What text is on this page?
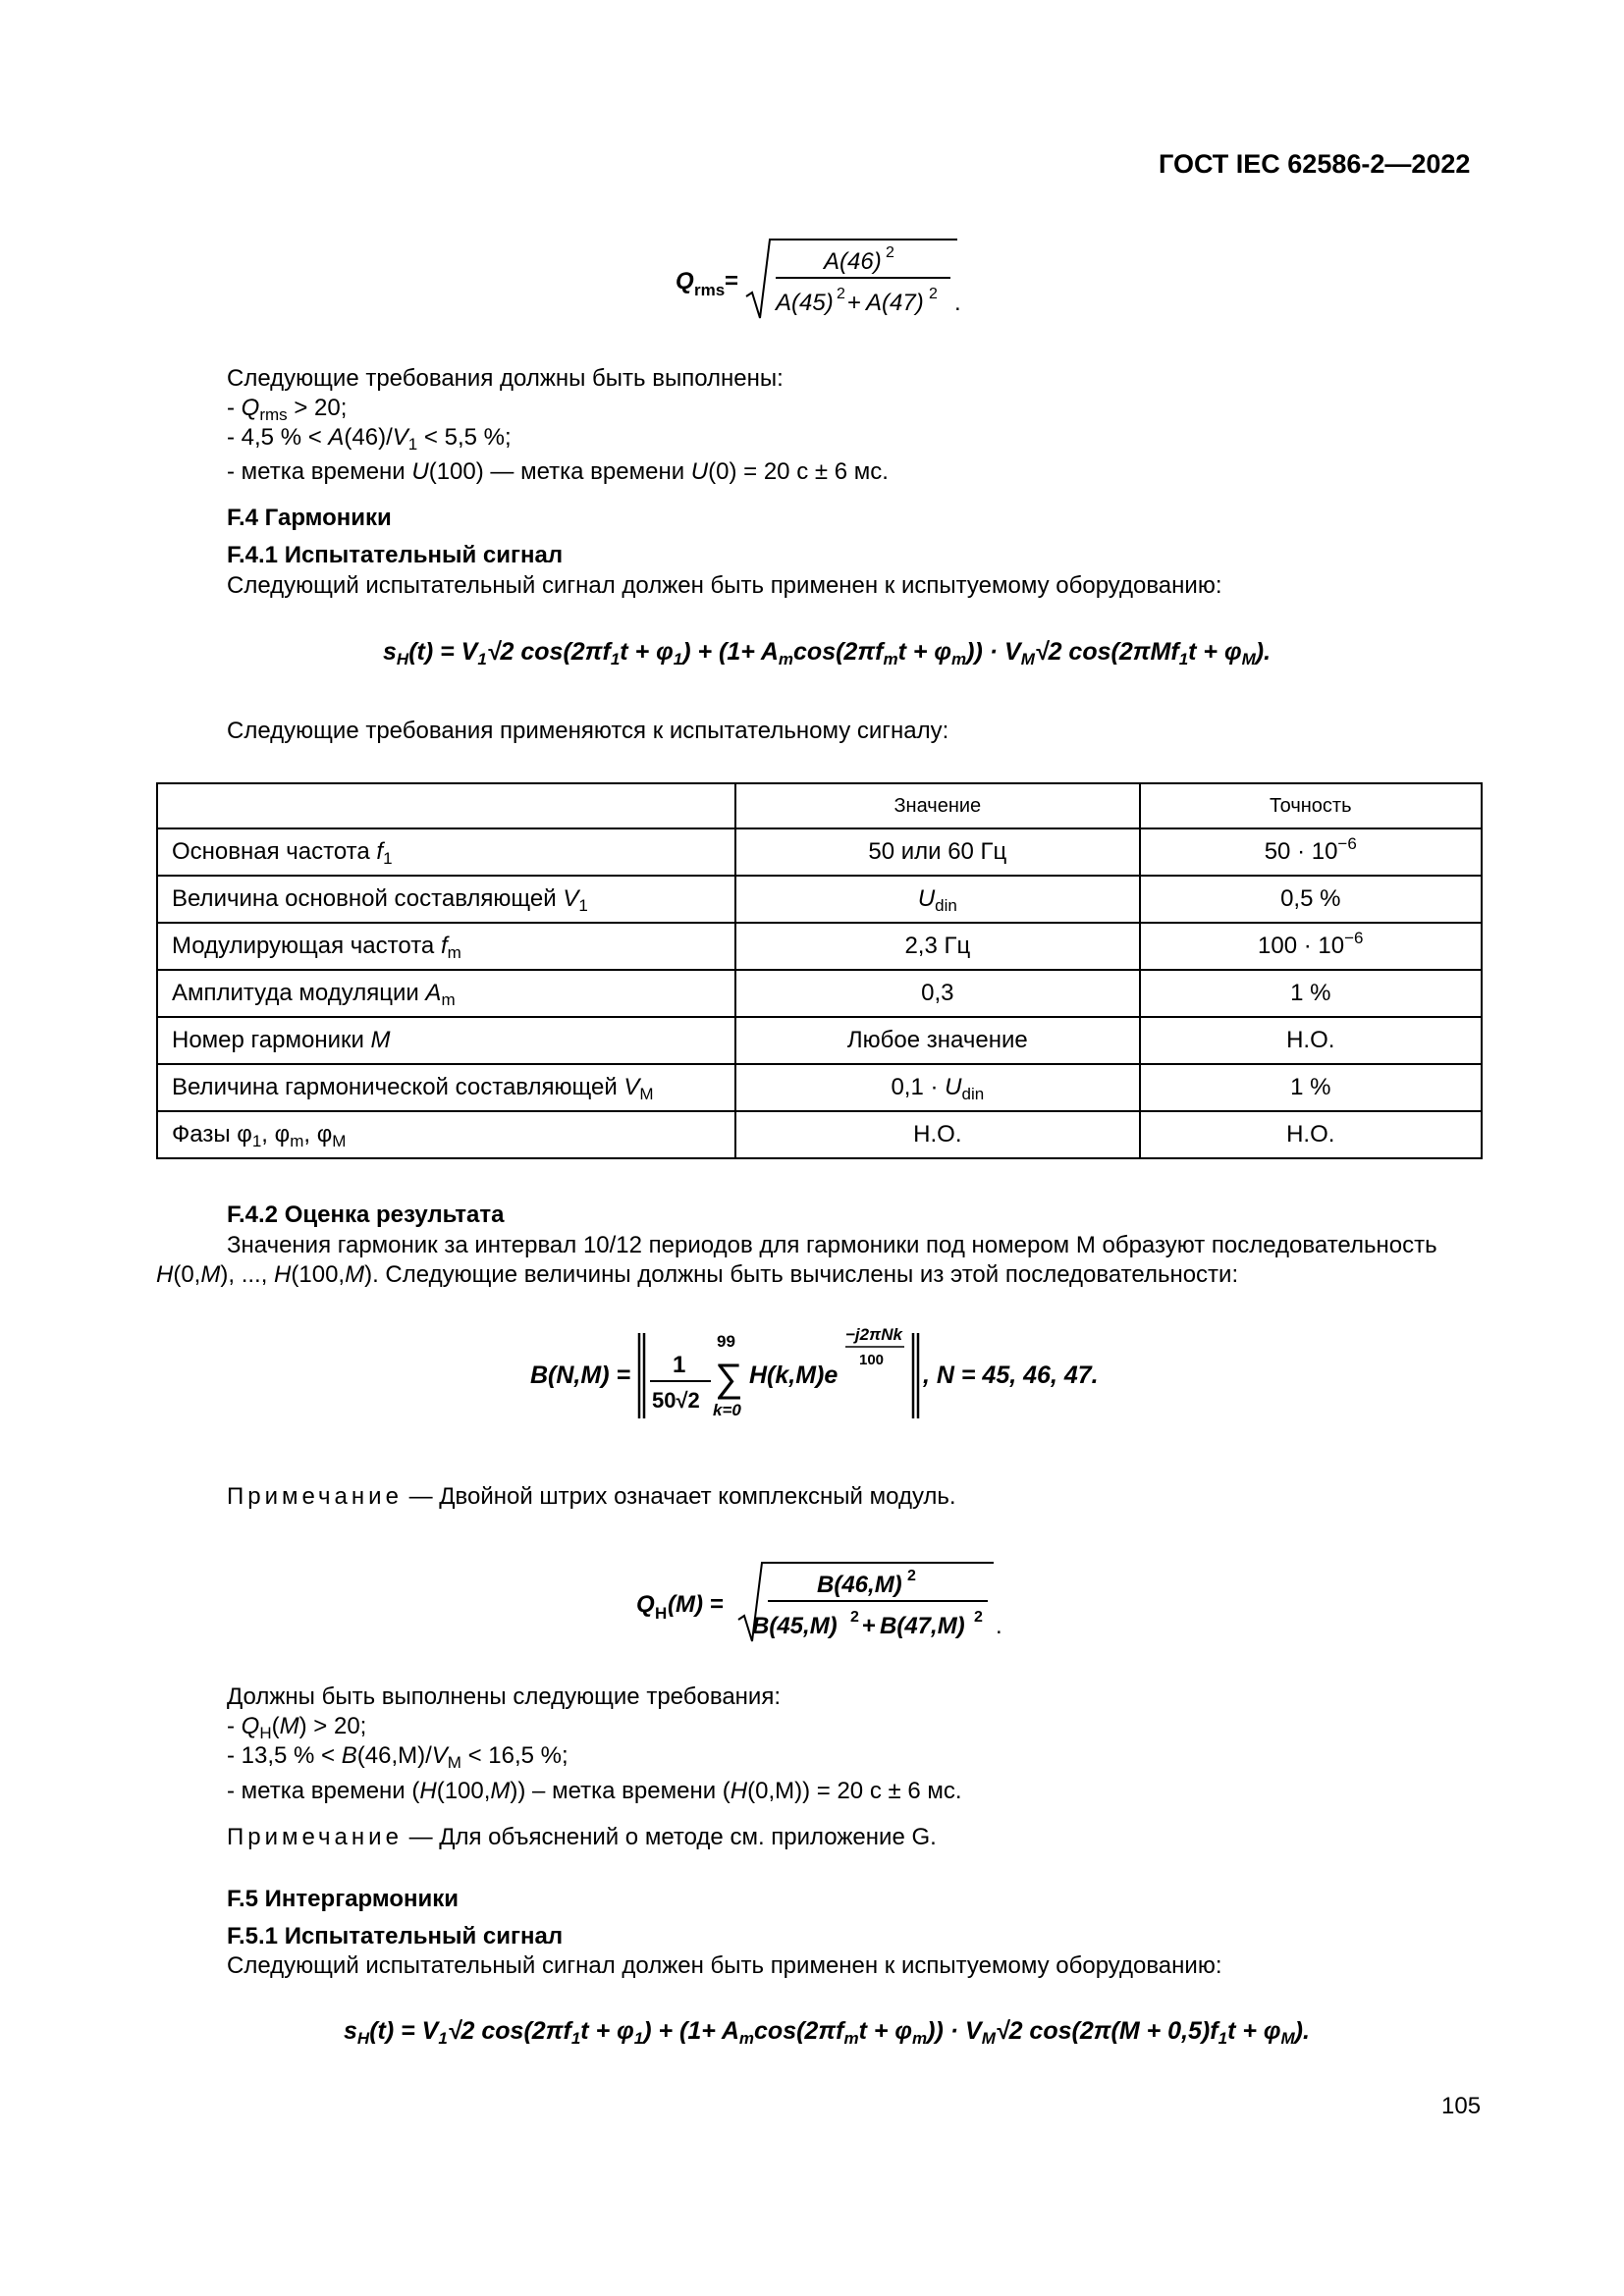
ГОСТ IEC 62586-2—2022
Q rms =
A(46) 2
A(45) 2 + A(47) 2 .
Следующие требования должны быть выполнены:
- $Q_{rms} > 20$;
- 4,5 % < $A(46)/V_1 < 5,5$ %;
- метка времени U(100) — метка времени U(0) = 20 с ± 6 мс.
F.4 Гармоники
F.4.1 Испытательный сигнал
Следующий испытательный сигнал должен быть применен к испытуемому оборудованию:
$s_H(t) = V_1√2$ $\cos(2\pi f_1t + \varphi_1) + (1+ A_m\cos(2\pi f_mt + \varphi_m)) \cdot V_M√2$ $\cos(2\pi Mf_1t + \varphi_M)$.
Следующие требования применяются к испытательному сигналу:
	Значение	Точность
Основная частота $f_1$	50 или 60 Гц	$50 \cdot 10^{-6}$
Величина основной составляющей $V_1$	$U_{din}$	0,5 %
Модулирующая частота $f_m$	2,3 Гц	$100 \cdot 10^{-6}$
Амплитуда модуляции $A_m$	0,3	1 %
Номер гармоники M	Любое значение	Н.О.
Величина гармонической составляющей $V_M$	$0,1 \cdot U_{din}$	1 %
Фазы $\varphi_1$, $\varphi_m$, $\varphi_M$	Н.О.	Н.О.
F.4.2 Оценка результата
Значения гармоник за интервал 10/12 периодов для гармоники под номером M образуют последовательность
H(0,M), ..., H(100,M). Следующие величины должны быть вычислены из этой последовательности:
B(N,M) = 1
50√2
99
∑
k=0
H(k,M)e
−j2πNk
100
, N = 45, 46, 47.
Примечание — Двойной штрих означает комплексный модуль.
Q H (M) =
B(46,M) 2
B(45,M) 2 + B(47,M) 2 .
Должны быть выполнены следующие требования:
- $Q_H(M) > 20$;
- 13,5 % < $B(46,M)/V_M < 16,5$ %;
- метка времени (H(100,M)) – метка времени (H(0,M)) = 20 с ± 6 мс.
Примечание — Для объяснений о методе см. приложение G.
F.5 Интергармоники
F.5.1 Испытательный сигнал
Следующий испытательный сигнал должен быть применен к испытуемому оборудованию:
$s_H(t) = V_1√2$ $\cos(2\pi f_1t + \varphi_1) + (1+ A_m\cos(2\pi f_mt + \varphi_m)) \cdot V_M√2$ $\cos(2\pi(M + 0,5)f_1t + \varphi_M)$.
105
